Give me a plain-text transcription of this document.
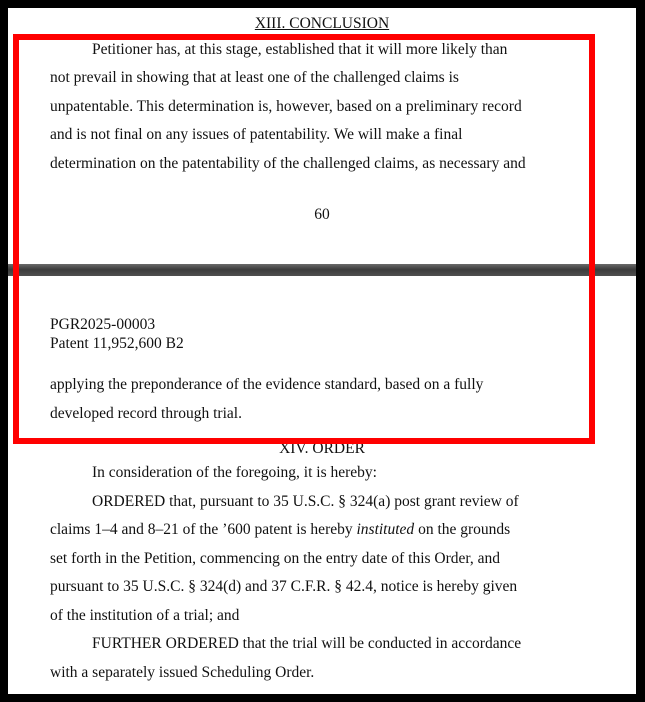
XIII. CONCLUSION
Petitioner has, at this stage, established that it will more likely than
not prevail in showing that at least one of the challenged claims is
unpatentable. This determination is, however, based on a preliminary record
and is not final on any issues of patentability. We will make a final
determination on the patentability of the challenged claims, as necessary and
60
PGR2025-00003
Patent 11,952,600 B2
applying the preponderance of the evidence standard, based on a fully
developed record through trial.
XIV. ORDER
In consideration of the foregoing, it is hereby:
ORDERED that, pursuant to 35 U.S.C. § 324(a) post grant review of
claims 1–4 and 8–21 of the ’600 patent is hereby instituted on the grounds
set forth in the Petition, commencing on the entry date of this Order, and
pursuant to 35 U.S.C. § 324(d) and 37 C.F.R. § 42.4, notice is hereby given
of the institution of a trial; and
FURTHER ORDERED that the trial will be conducted in accordance
with a separately issued Scheduling Order.
